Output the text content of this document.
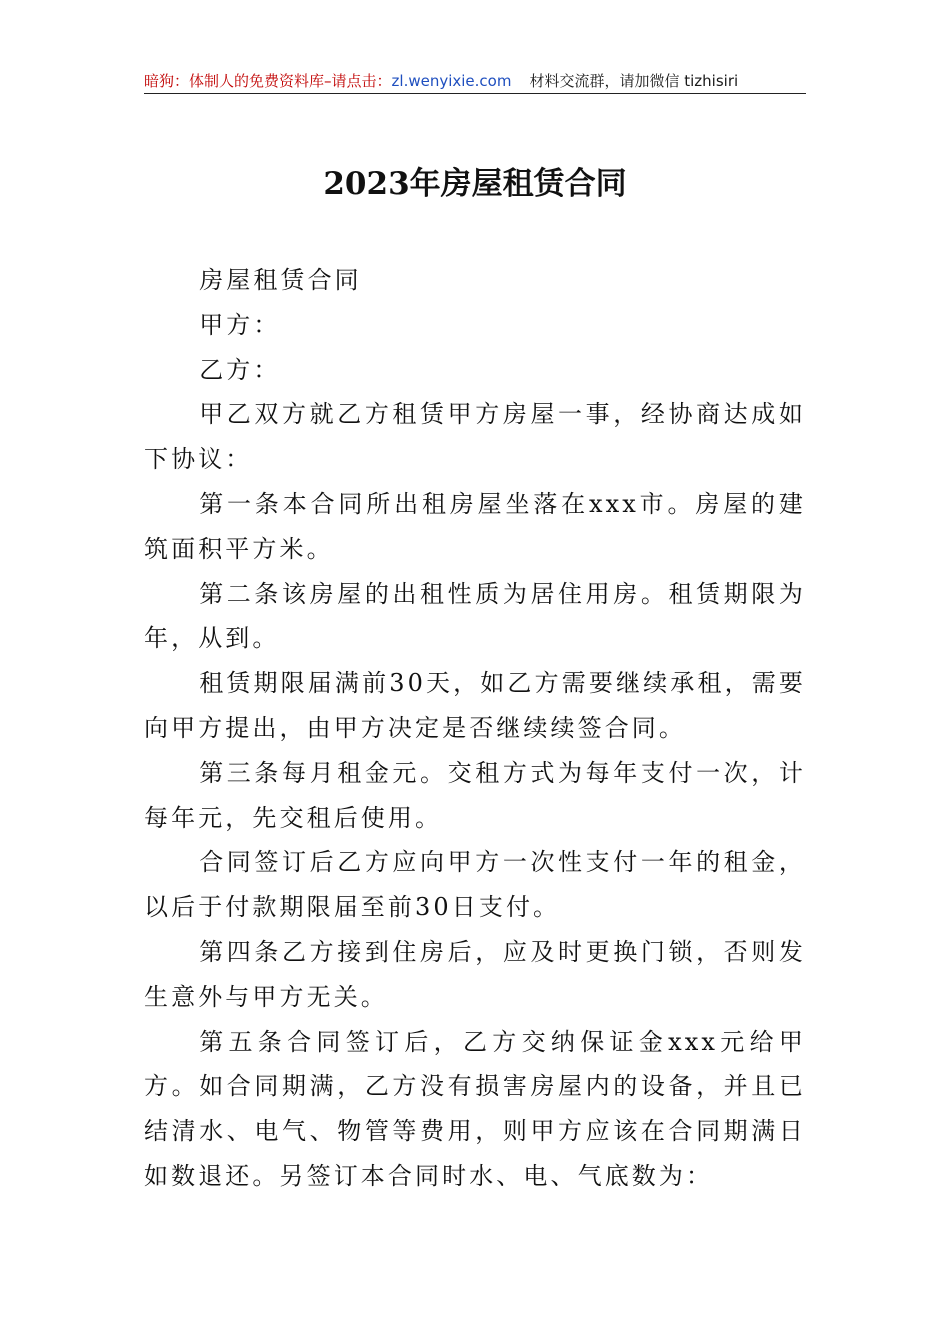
暗狗：体制人的免费资料库–请点击：zl.wenyixie.com 材料交流群，请加微信 tizhisiri
2023年房屋租赁合同

房屋租赁合同

甲方：

乙方：

甲乙双方就乙方租赁甲方房屋一事，经协商达成如下协议：

第一条本合同所出租房屋坐落在xxx市。房屋的建筑面积平方米。

第二条该房屋的出租性质为居住用房。租赁期限为年，从到。

租赁期限届满前30天，如乙方需要继续承租，需要向甲方提出，由甲方决定是否继续续签合同。

第三条每月租金元。交租方式为每年支付一次，计每年元，先交租后使用。

合同签订后乙方应向甲方一次性支付一年的租金，以后于付款期限届至前30日支付。

第四条乙方接到住房后，应及时更换门锁，否则发生意外与甲方无关。

第五条合同签订后，乙方交纳保证金xxx元给甲方。如合同期满，乙方没有损害房屋内的设备，并且已结清水、电气、物管等费用，则甲方应该在合同期满日如数退还。另签订本合同时水、电、气底数为：
